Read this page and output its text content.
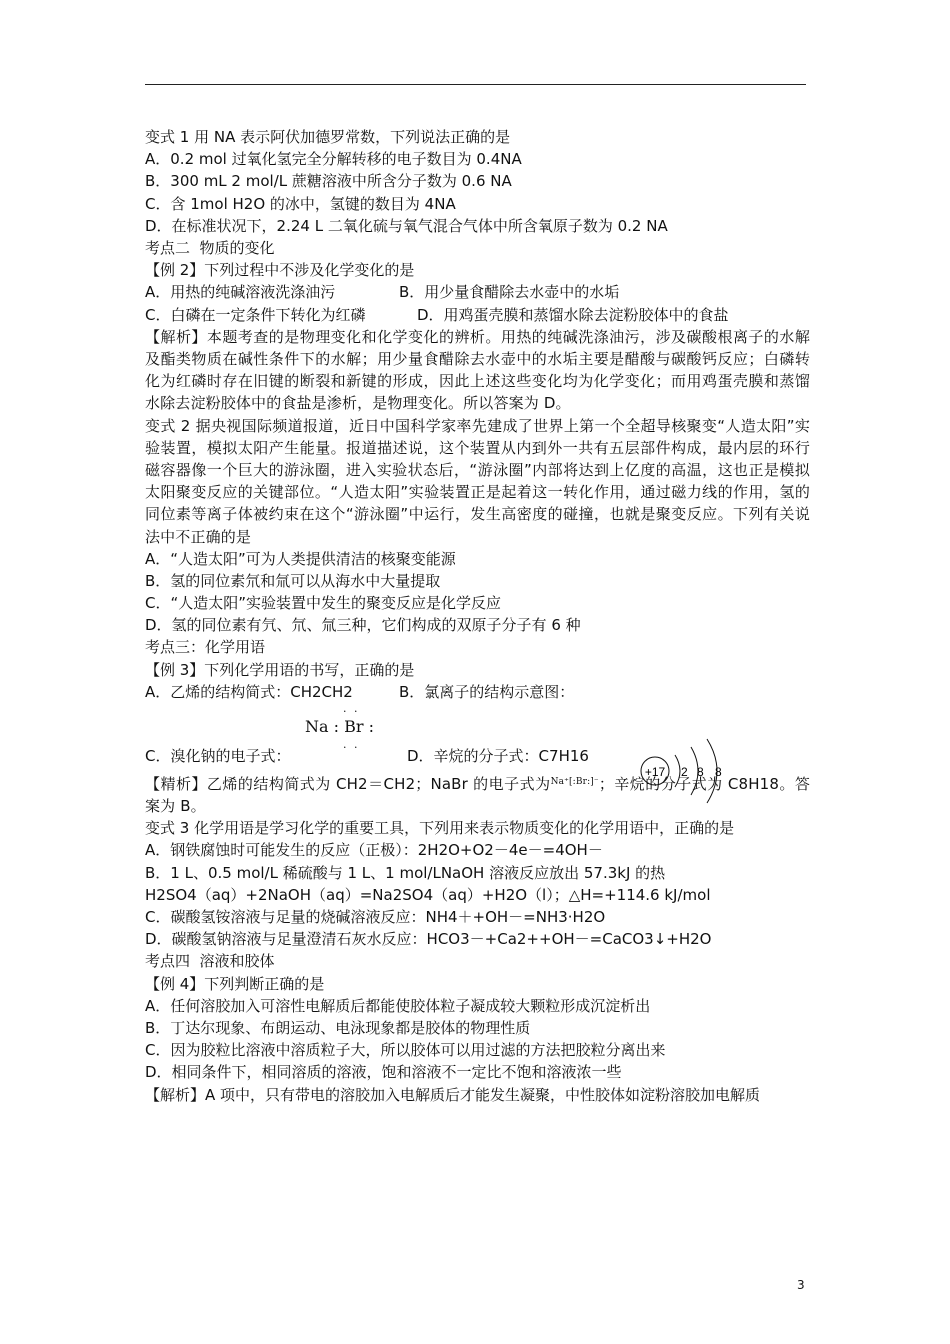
变式 1 用 NA 表示阿伏加德罗常数，下列说法正确的是
A．0.2 mol 过氧化氢完全分解转移的电子数目为 0.4NA
B．300 mL 2 mol/L 蔗糖溶液中所含分子数为 0.6 NA
C．含 1mol H2O 的冰中，氢键的数目为 4NA
D．在标准状况下，2.24 L 二氧化硫与氧气混合气体中所含氧原子数为 0.2 NA
考点二  物质的变化
【例 2】下列过程中不涉及化学变化的是
A．用热的纯碱溶液洗涤油污	B．用少量食醋除去水壶中的水垢
C．白磷在一定条件下转化为红磷	D．用鸡蛋壳膜和蒸馏水除去淀粉胶体中的食盐
【解析】本题考查的是物理变化和化学变化的辨析。用热的纯碱洗涤油污，涉及碳酸根离子的水解及酯类物质在碱性条件下的水解；用少量食醋除去水壶中的水垢主要是醋酸与碳酸钙反应；白磷转化为红磷时存在旧键的断裂和新键的形成，因此上述这些变化均为化学变化；而用鸡蛋壳膜和蒸馏水除去淀粉胶体中的食盐是渗析，是物理变化。所以答案为 D。
变式 2 据央视国际频道报道，近日中国科学家率先建成了世界上第一个全超导核聚变“人造太阳”实验装置，模拟太阳产生能量。报道描述说，这个装置从内到外一共有五层部件构成，最内层的环行磁容器像一个巨大的游泳圈，进入实验状态后，“游泳圈”内部将达到上亿度的高温，这也正是模拟太阳聚变反应的关键部位。“人造太阳”实验装置正是起着这一转化作用，通过磁力线的作用，氢的同位素等离子体被约束在这个“游泳圈”中运行，发生高密度的碰撞，也就是聚变反应。下列有关说法中不正确的是
A．“人造太阳”可为人类提供清洁的核聚变能源
B．氢的同位素氘和氚可以从海水中大量提取
C．“人造太阳”实验装置中发生的聚变反应是化学反应
D．氢的同位素有氕、氘、氚三种，它们构成的双原子分子有 6 种
考点三：化学用语
【例 3】下列化学用语的书写，正确的是
A．乙烯的结构简式：CH2CH2	B．氯离子的结构示意图：
· ·
Na : Br :
· ·
C．溴化钠的电子式：	D．辛烷的分子式：C7H16
【精析】乙烯的结构简式为 CH2＝CH2；NaBr 的电子式为$^{Na^+[:Br:]^-}$；辛烷的分子式为 C8H18。答案为 B。
变式 3 化学用语是学习化学的重要工具，下列用来表示物质变化的化学用语中，正确的是
A．钢铁腐蚀时可能发生的反应（正极）：2H2O+O2－4e－=4OH－
B．1 L、0.5 mol/L 稀硫酸与 1 L、1 mol/LNaOH 溶液反应放出 57.3kJ 的热
H2SO4（aq）+2NaOH（aq）=Na2SO4（aq）+H2O（l）；△H=+114.6 kJ/mol
C．碳酸氢铵溶液与足量的烧碱溶液反应：NH4＋+OH－=NH3·H2O
D．碳酸氢钠溶液与足量澄清石灰水反应：HCO3－+Ca2++OH－=CaCO3↓+H2O
考点四  溶液和胶体
【例 4】下列判断正确的是
A．任何溶胶加入可溶性电解质后都能使胶体粒子凝成较大颗粒形成沉淀析出
B．丁达尔现象、布朗运动、电泳现象都是胶体的物理性质
C．因为胶粒比溶液中溶质粒子大，所以胶体可以用过滤的方法把胶粒分离出来
D．相同条件下，相同溶质的溶液，饱和溶液不一定比不饱和溶液浓一些
【解析】A 项中，只有带电的溶胶加入电解质后才能发生凝聚，中性胶体如淀粉溶胶加电解质
+17 2 8 8
3
